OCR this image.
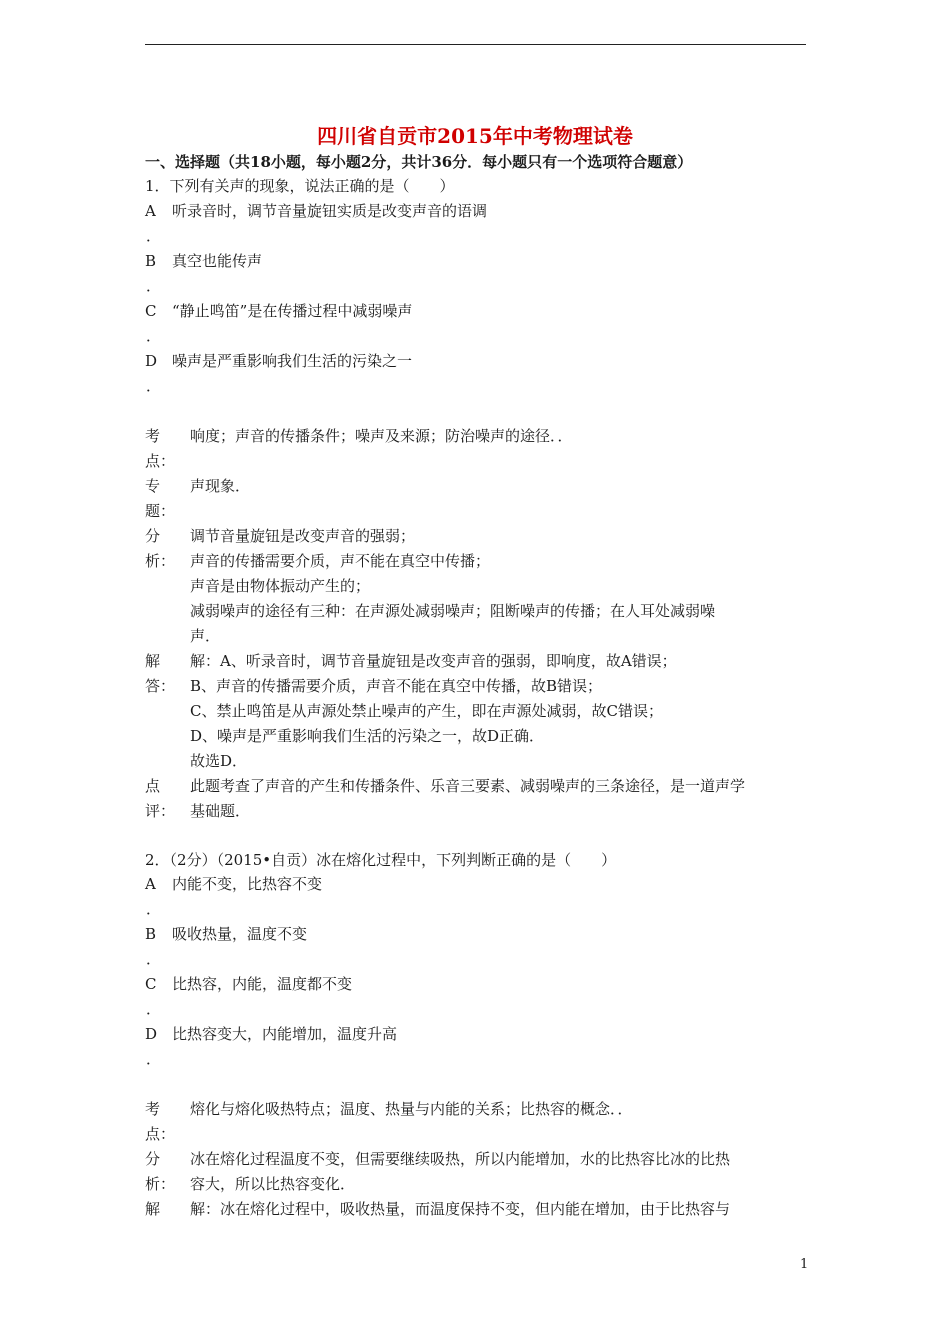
四川省自贡市2015年中考物理试卷
一、选择题（共18小题，每小题2分，共计36分．每小题只有一个选项符合题意）
1．下列有关声的现象，说法正确的是（　　）
A 听录音时，调节音量旋钮实质是改变声音的语调
．
B 真空也能传声
．
C “静止鸣笛”是在传播过程中减弱噪声
．
D 噪声是严重影响我们生活的污染之一
．
考 响度；声音的传播条件；噪声及来源；防治噪声的途径．．
点：
专 声现象．
题：
分 调节音量旋钮是改变声音的强弱；
析： 声音的传播需要介质，声不能在真空中传播；
声音是由物体振动产生的；
减弱噪声的途径有三种：在声源处减弱噪声；阻断噪声的传播；在人耳处减弱噪
声．
解 解：A、听录音时，调节音量旋钮是改变声音的强弱，即响度，故A错误；
答： B、声音的传播需要介质，声音不能在真空中传播，故B错误；
C、禁止鸣笛是从声源处禁止噪声的产生，即在声源处减弱，故C错误；
D、噪声是严重影响我们生活的污染之一，故D正确．
故选D．
点 此题考查了声音的产生和传播条件、乐音三要素、减弱噪声的三条途径，是一道声学
评： 基础题．
2．（2分）（2015•自贡）冰在熔化过程中，下列判断正确的是（　　）
A 内能不变，比热容不变
．
B 吸收热量，温度不变
．
C 比热容，内能，温度都不变
．
D 比热容变大，内能增加，温度升高
．
考 熔化与熔化吸热特点；温度、热量与内能的关系；比热容的概念．．
点：
分 冰在熔化过程温度不变，但需要继续吸热，所以内能增加，水的比热容比冰的比热
析： 容大，所以比热容变化．
解 解：冰在熔化过程中，吸收热量，而温度保持不变，但内能在增加，由于比热容与
1
